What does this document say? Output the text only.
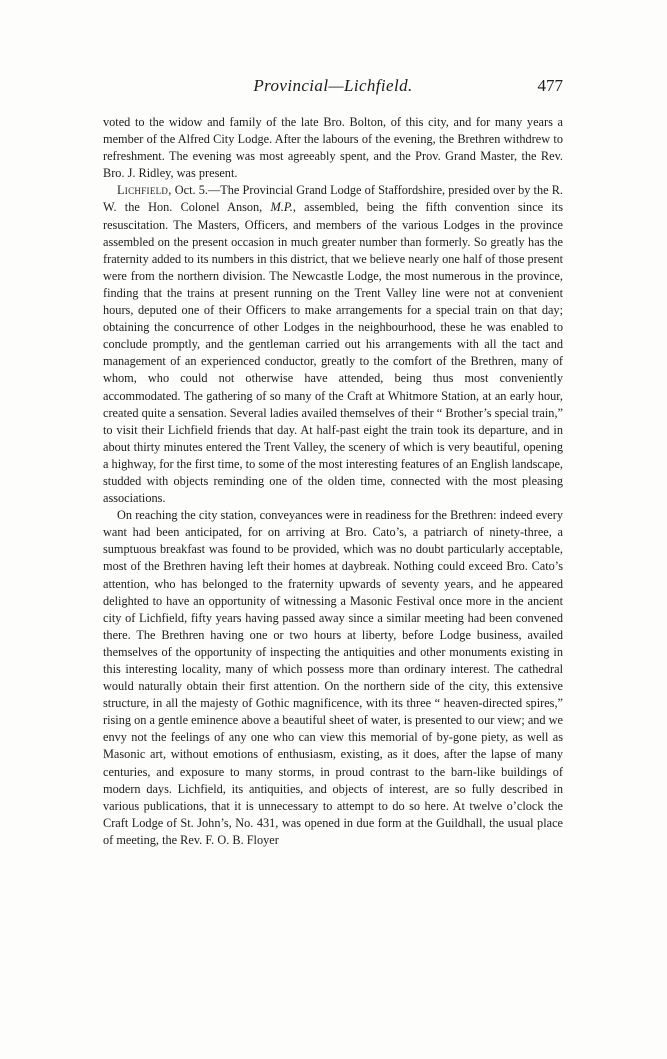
Provincial—Lichfield.	477

voted to the widow and family of the late Bro. Bolton, of this city, and for many years a member of the Alfred City Lodge. After the labours of the evening, the Brethren withdrew to refreshment. The evening was most agreeably spent, and the Prov. Grand Master, the Rev. Bro. J. Ridley, was present.

Lichfield, Oct. 5.—The Provincial Grand Lodge of Staffordshire, presided over by the R. W. the Hon. Colonel Anson, M.P., assembled, being the fifth convention since its resuscitation. The Masters, Officers, and members of the various Lodges in the province assembled on the present occasion in much greater number than formerly. So greatly has the fraternity added to its numbers in this district, that we believe nearly one half of those present were from the northern division. The Newcastle Lodge, the most numerous in the province, finding that the trains at present running on the Trent Valley line were not at convenient hours, deputed one of their Officers to make arrangements for a special train on that day; obtaining the concurrence of other Lodges in the neighbourhood, these he was enabled to conclude promptly, and the gentleman carried out his arrangements with all the tact and management of an experienced conductor, greatly to the comfort of the Brethren, many of whom, who could not otherwise have attended, being thus most conveniently accommodated. The gathering of so many of the Craft at Whitmore Station, at an early hour, created quite a sensation. Several ladies availed themselves of their “ Brother’s special train,” to visit their Lichfield friends that day. At half-past eight the train took its departure, and in about thirty minutes entered the Trent Valley, the scenery of which is very beautiful, opening a highway, for the first time, to some of the most interesting features of an English landscape, studded with objects reminding one of the olden time, connected with the most pleasing associations.

On reaching the city station, conveyances were in readiness for the Brethren: indeed every want had been anticipated, for on arriving at Bro. Cato’s, a patriarch of ninety-three, a sumptuous breakfast was found to be provided, which was no doubt particularly acceptable, most of the Brethren having left their homes at daybreak. Nothing could exceed Bro. Cato’s attention, who has belonged to the fraternity upwards of seventy years, and he appeared delighted to have an opportunity of witnessing a Masonic Festival once more in the ancient city of Lichfield, fifty years having passed away since a similar meeting had been convened there. The Brethren having one or two hours at liberty, before Lodge business, availed themselves of the opportunity of inspecting the antiquities and other monuments existing in this interesting locality, many of which possess more than ordinary interest. The cathedral would naturally obtain their first attention. On the northern side of the city, this extensive structure, in all the majesty of Gothic magnificence, with its three “ heaven-directed spires,” rising on a gentle eminence above a beautiful sheet of water, is presented to our view; and we envy not the feelings of any one who can view this memorial of by-gone piety, as well as Masonic art, without emotions of enthusiasm, existing, as it does, after the lapse of many centuries, and exposure to many storms, in proud contrast to the barn-like buildings of modern days. Lichfield, its antiquities, and objects of interest, are so fully described in various publications, that it is unnecessary to attempt to do so here. At twelve o’clock the Craft Lodge of St. John’s, No. 431, was opened in due form at the Guildhall, the usual place of meeting, the Rev. F. O. B. Floyer
